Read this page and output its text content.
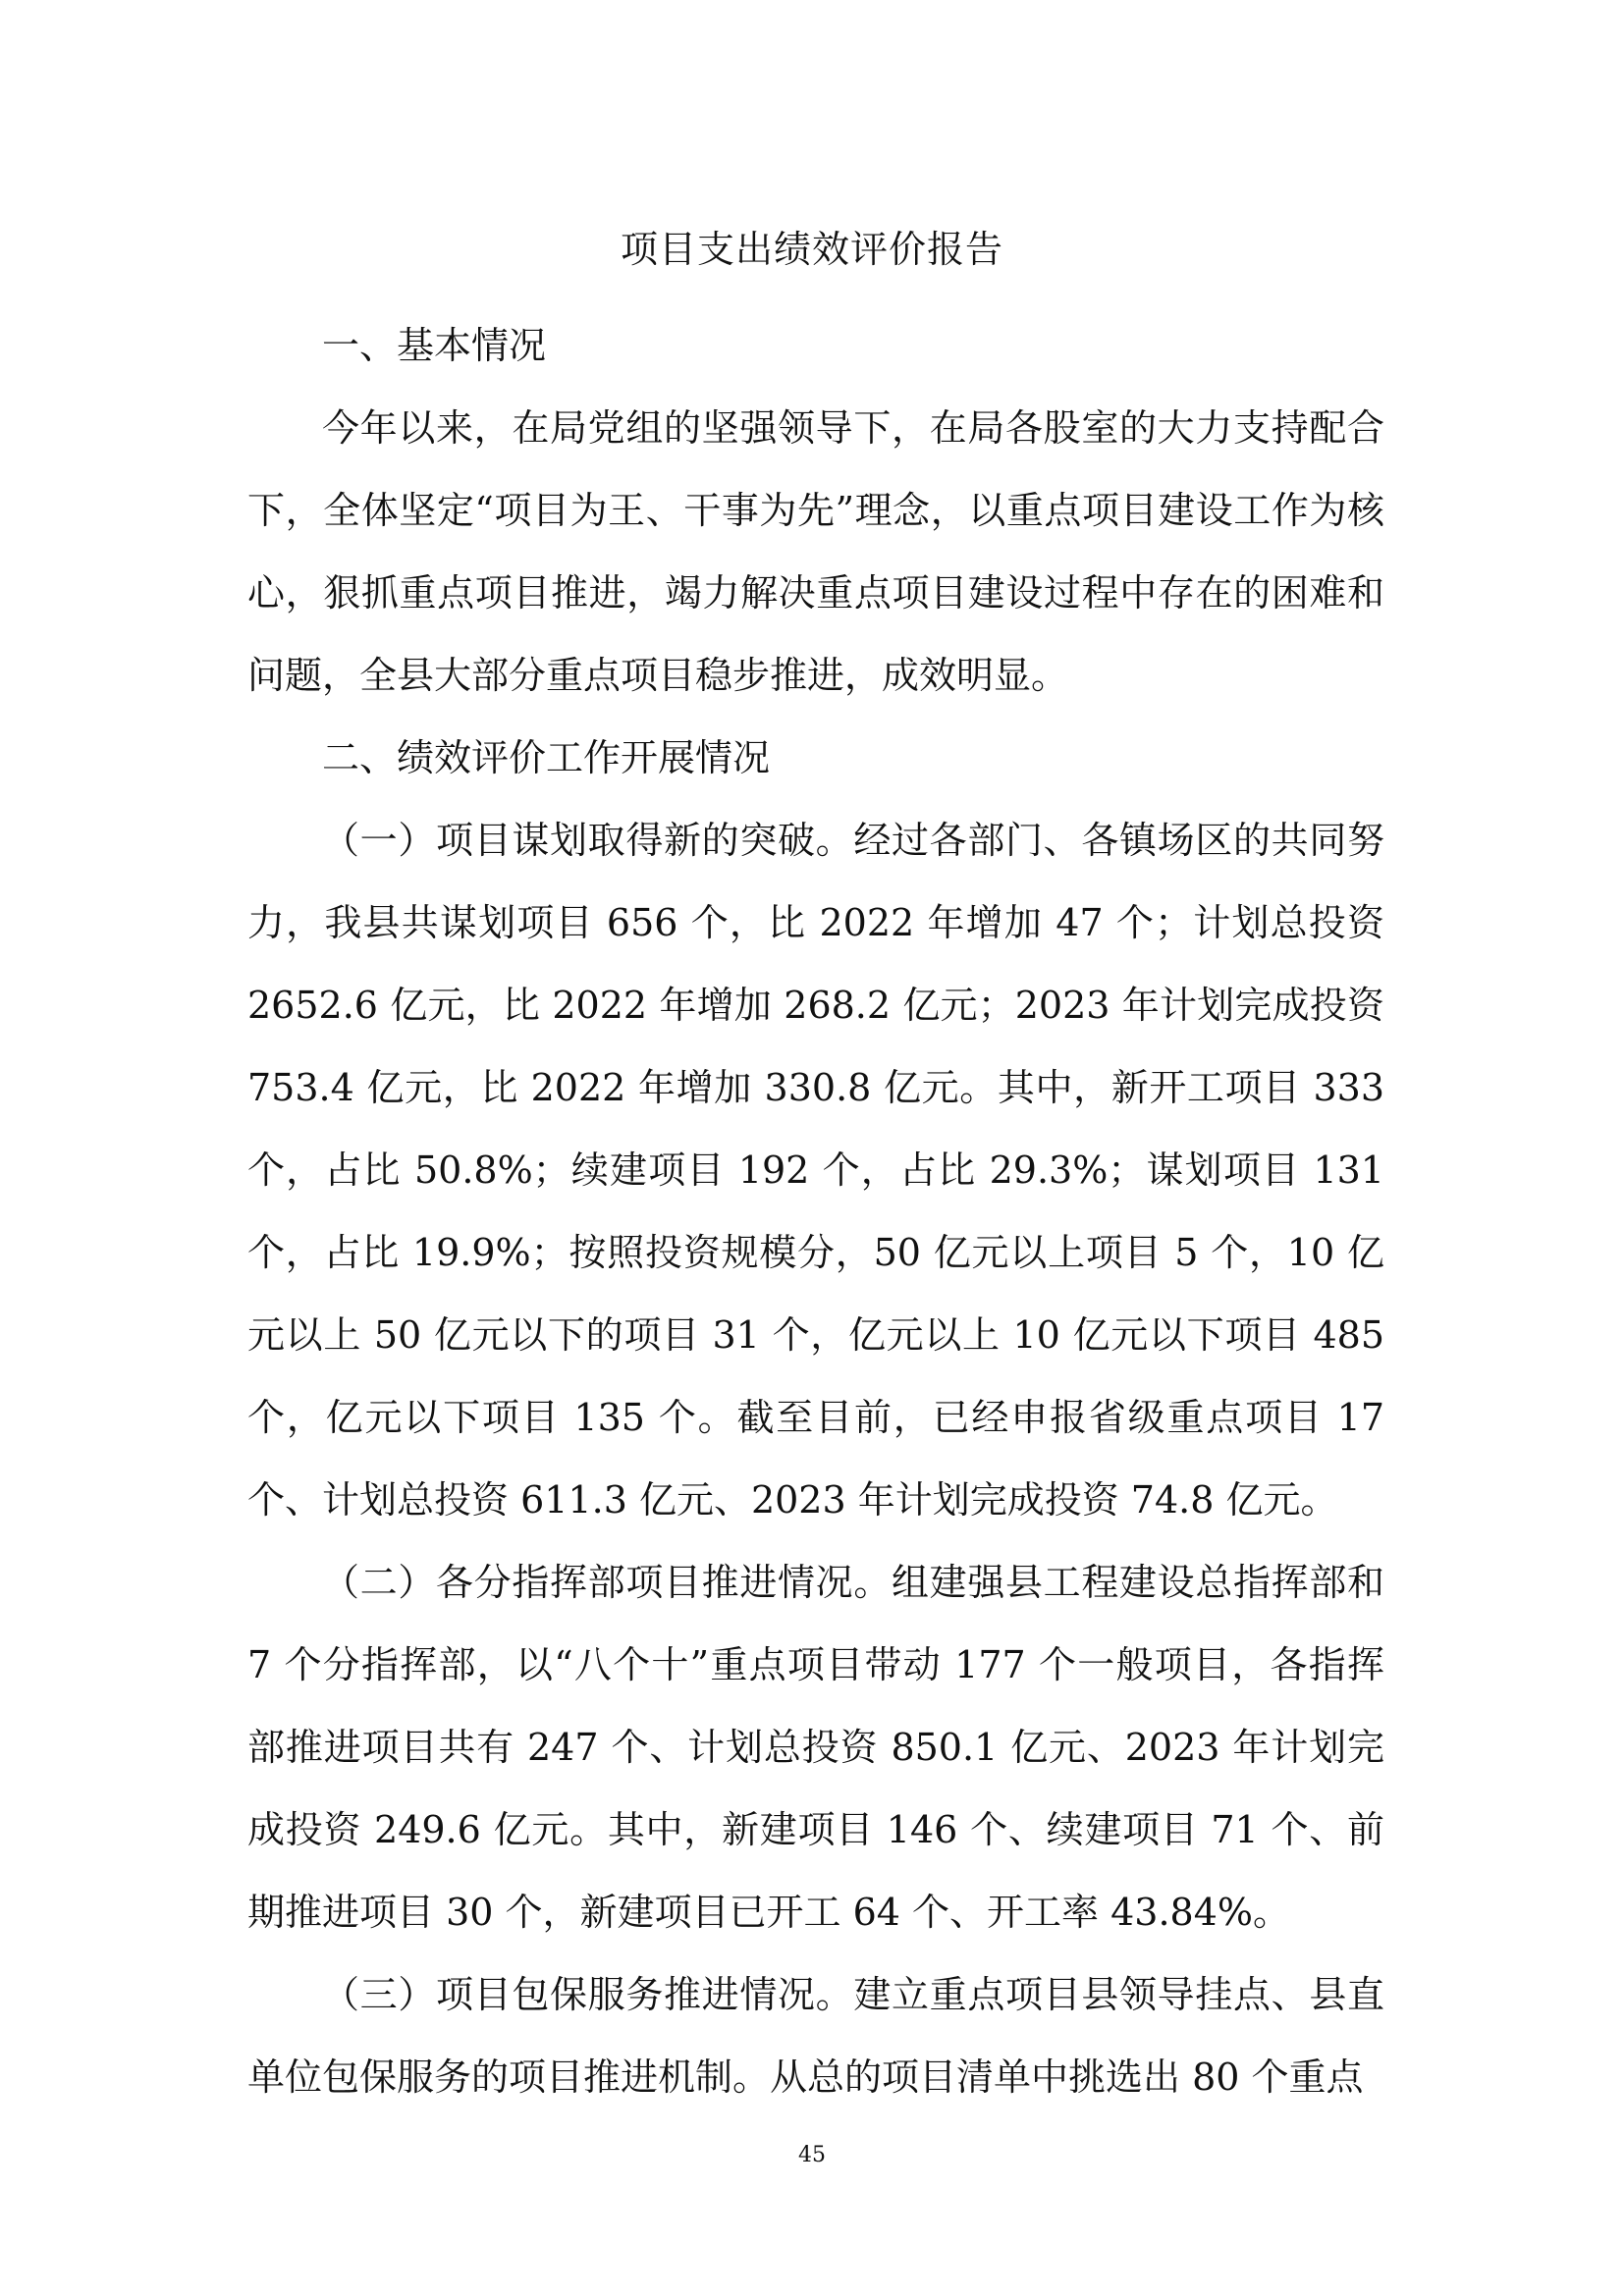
项目支出绩效评价报告
一、基本情况

今年以来，在局党组的坚强领导下，在局各股室的大力支持配合下，全体坚定“项目为王、干事为先”理念，以重点项目建设工作为核心，狠抓重点项目推进，竭力解决重点项目建设过程中存在的困难和问题，全县大部分重点项目稳步推进，成效明显。

二、绩效评价工作开展情况

（一）项目谋划取得新的突破。经过各部门、各镇场区的共同努力，我县共谋划项目 656 个，比 2022 年增加 47 个；计划总投资 2652.6 亿元，比 2022 年增加 268.2 亿元；2023 年计划完成投资 753.4 亿元，比 2022 年增加 330.8 亿元。其中，新开工项目 333 个，占比 50.8%；续建项目 192 个，占比 29.3%；谋划项目 131 个，占比 19.9%；按照投资规模分，50 亿元以上项目 5 个，10 亿元以上 50 亿元以下的项目 31 个，亿元以上 10 亿元以下项目 485 个，亿元以下项目 135 个。截至目前，已经申报省级重点项目 17 个、计划总投资 611.3 亿元、2023 年计划完成投资 74.8 亿元。

（二）各分指挥部项目推进情况。组建强县工程建设总指挥部和 7 个分指挥部，以“八个十”重点项目带动 177 个一般项目，各指挥部推进项目共有 247 个、计划总投资 850.1 亿元、2023 年计划完成投资 249.6 亿元。其中，新建项目 146 个、续建项目 71 个、前期推进项目 30 个，新建项目已开工 64 个、开工率 43.84%。

（三）项目包保服务推进情况。建立重点项目县领导挂点、县直单位包保服务的项目推进机制。从总的项目清单中挑选出 80 个重点

45
